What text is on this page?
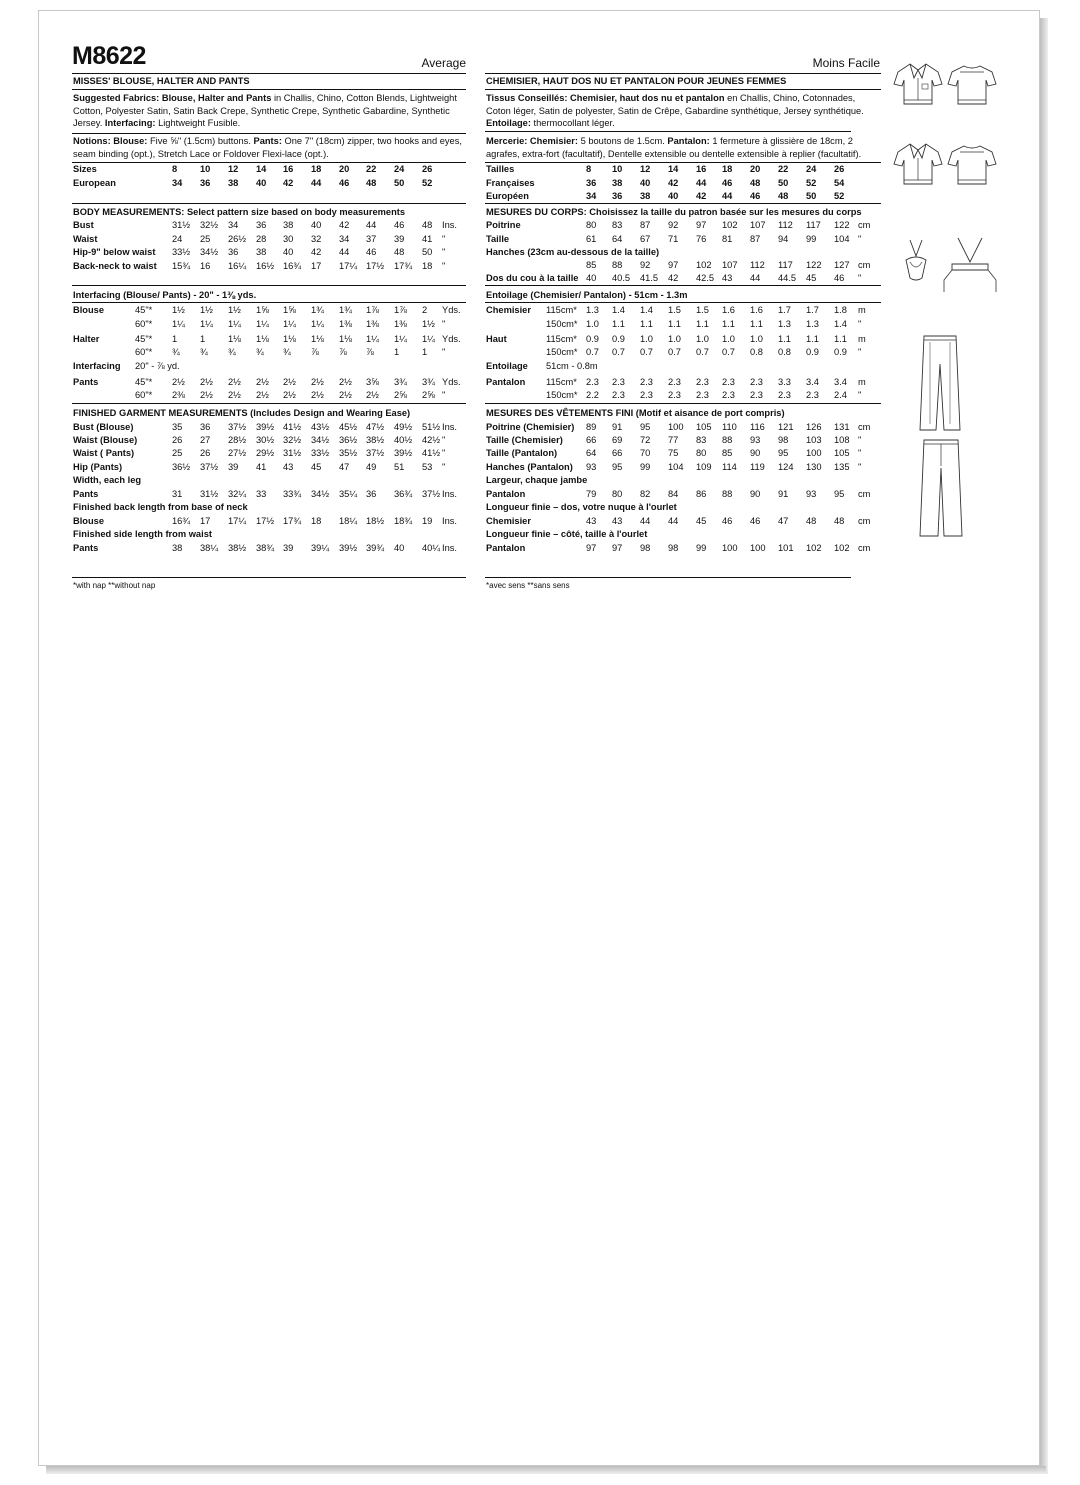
M8622	Average	Moins Facile
MISSES' BLOUSE, HALTER AND PANTS
Suggested Fabrics: Blouse, Halter and Pants in Challis, Chino, Cotton Blends, Lightweight Cotton, Polyester Satin, Satin Back Crepe, Synthetic Crepe, Synthetic Gabardine, Synthetic Jersey. Interfacing: Lightweight Fusible.
Notions: Blouse: Five ⅝" (1.5cm) buttons. Pants: One 7" (18cm) zipper, two hooks and eyes, seam binding (opt.), Stretch Lace or Foldover Flexi-lace (opt.).
Sizes	8 10 12 14 16 18 20 22 24 26
European	34 36 38 40 42 44 46 48 50 52
BODY MEASUREMENTS: Select pattern size based on body measurements
Bust	31½ 32½ 34 36 38 40 42 44 46 48 Ins.
Waist	24 25 26½ 28 30 32 34 37 39 41 "
Hip-9" below waist 33½ 34½ 36 38 40 42 44 46 48 50 "
Back-neck to waist 15¾ 16 16¼ 16½ 16¾ 17 17¼ 17½ 17¾ 18 "
Interfacing (Blouse/ Pants) - 20" - 1⅜ yds.
Blouse	45"* 1½ 1½ 1½ 1⅝ 1⅝ 1¾ 1¾ 1⅞ 1⅞ 2 Yds.
60"* 1¼ 1¼ 1¼ 1¼ 1¼ 1¼ 1⅜ 1⅜ 1⅜ 1½ "
Halter	45"* 1 1 1⅛ 1⅛ 1⅛ 1⅛ 1⅛ 1¼ 1¼ 1¼ Yds.
60"* ¾ ¾ ¾ ¾ ¾ ⅞ ⅞ ⅞ 1 1 "
Interfacing 20" - ⅞ yd.
Pants	45"* 2½ 2½ 2½ 2½ 2½ 2½ 2½ 3⅝ 3¾ 3¾ Yds.
60"* 2⅜ 2½ 2½ 2½ 2½ 2½ 2½ 2½ 2⅝ 2⅝ "
FINISHED GARMENT MEASUREMENTS (Includes Design and Wearing Ease)
Bust (Blouse)	35 36 37½ 39½ 41½ 43½ 45½ 47½ 49½ 51½ Ins.
Waist (Blouse)	26 27 28½ 30½ 32½ 34½ 36½ 38½ 40½ 42½ "
Waist ( Pants)	25 26 27½ 29½ 31½ 33½ 35½ 37½ 39½ 41½ "
Hip (Pants)	36½ 37½ 39 41 43 45 47 49 51 53 "
Width, each leg
Pants	31 31½ 32¼ 33 33¾ 34½ 35¼ 36 36¾ 37½ Ins.
Finished back length from base of neck
Blouse	16¾ 17 17¼ 17½ 17¾ 18 18¼ 18½ 18¾ 19 Ins.
Finished side length from waist
Pants	38 38¼ 38½ 38¾ 39 39¼ 39½ 39¾ 40 40¼ Ins.
*with nap **without nap
CHEMISIER, HAUT DOS NU ET PANTALON POUR JEUNES FEMMES
Tissus Conseillés: Chemisier, haut dos nu et pantalon en Challis, Chino, Cotonnades, Coton léger, Satin de polyester, Satin de Crêpe, Gabardine synthétique, Jersey synthétique. Entoilage: thermocollant léger.
Mercerie: Chemisier: 5 boutons de 1.5cm. Pantalon: 1 fermeture à glissière de 18cm, 2 agrafes, extra-fort (facultatif), Dentelle extensible ou dentelle extensible à replier (facultatif).
Tailles	8 10 12 14 16 18 20 22 24 26
Françaises	36 38 40 42 44 46 48 50 52 54
Européen	34 36 38 40 42 44 46 48 50 52
MESURES DU CORPS: Choisissez la taille du patron basée sur les mesures du corps
Poitrine	80 83 87 92 97 102 107 112 117 122 cm
Taille	61 64 67 71 76 81 87 94 99 104 "
Hanches (23cm au-dessous de la taille)
85 88 92 97 102 107 112 117 122 127 cm
Dos du cou à la taille 40 40.5 41.5 42 42.5 43 44 44.5 45 46 "
Entoilage (Chemisier/ Pantalon) - 51cm - 1.3m
Chemisier 115cm* 1.3 1.4 1.4 1.5 1.5 1.6 1.6 1.7 1.7 1.8 m
150cm* 1.0 1.1 1.1 1.1 1.1 1.1 1.1 1.3 1.3 1.4 "
Haut	115cm* 0.9 0.9 1.0 1.0 1.0 1.0 1.0 1.1 1.1 1.1 m
150cm* 0.7 0.7 0.7 0.7 0.7 0.7 0.8 0.8 0.9 0.9 "
Entoilage 51cm - 0.8m
Pantalon 115cm* 2.3 2.3 2.3 2.3 2.3 2.3 2.3 3.3 3.4 3.4 m
150cm* 2.2 2.3 2.3 2.3 2.3 2.3 2.3 2.3 2.3 2.4 "
MESURES DES VÊTEMENTS FINI (Motif et aisance de port compris)
Poitrine (Chemisier) 89 91 95 100 105 110 116 121 126 131 cm
Taille (Chemisier) 66 69 72 77 83 88 93 98 103 108 "
Taille (Pantalon)	64 66 70 75 80 85 90 95 100 105 "
Hanches (Pantalon) 93 95 99 104 109 114 119 124 130 135 "
Largeur, chaque jambe
Pantalon	79 80 82 84 86 88 90 91 93 95 cm
Longueur finie – dos, votre nuque à l'ourlet
Chemisier	43 43 44 44 45 46 46 47 48 48 cm
Longueur finie – côté, taille à l'ourlet
Pantalon	97 97 98 98 99 100 100 101 102 102 cm
*avec sens **sans sens
